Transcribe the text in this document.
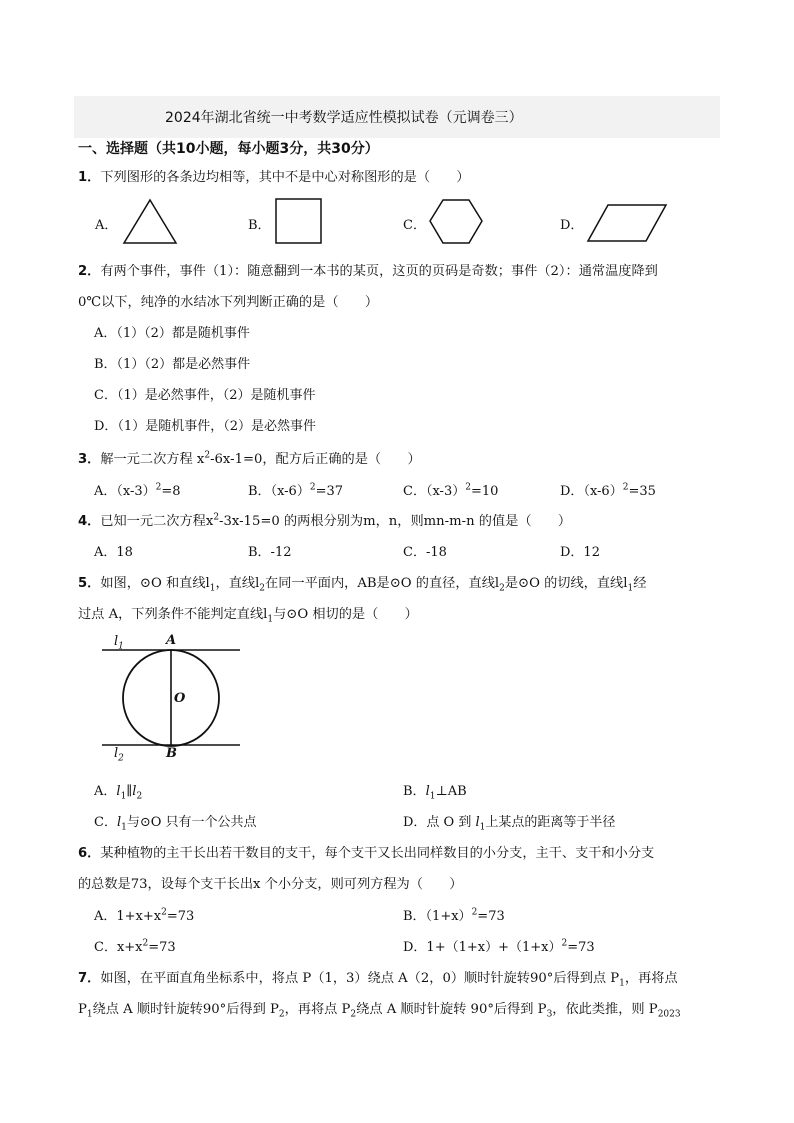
2024年湖北省统一中考数学适应性模拟试卷（元调卷三）
一、选择题（共10小题，每小题3分，共30分）
1．下列图形的各条边均相等，其中不是中心对称图形的是（　　）
A．	B．	C．	D．
2．有两个事件，事件（1）：随意翻到一本书的某页，这页的页码是奇数；事件（2）：通常温度降到
0℃以下，纯净的水结冰下列判断正确的是（　　）
A．（1）（2）都是随机事件
B．（1）（2）都是必然事件
C．（1）是必然事件，（2）是随机事件
D．（1）是随机事件，（2）是必然事件
3．解一元二次方程 $x^2-6x-1=0$，配方后正确的是（　　）
A．$(x-3)^2=8$	B．$(x-6)^2=37$	C．$(x-3)^2=10$	D．$(x-6)^2=35$
4．已知一元二次方程$x^2-3x-15=0$ 的两根分别为m，n，则mn-m-n 的值是（　　）
A．18	B．-12	C．-18	D．12
5．如图，⊙O 和直线$l_1$，直线$l_2$在同一平面内，AB是⊙O 的直径，直线$l_2$是⊙O 的切线，直线$l_1$经
过点 A，下列条件不能判定直线$l_1$与⊙O 相切的是（　　）
$l_1$	A
O
$l_2$	B
A．$l_1\parallel l_2$	B．$l_1\perp AB$
C．$l_1$与⊙O 只有一个公共点	D．点 O 到 $l_1$上某点的距离等于半径
6．某种植物的主干长出若干数目的支干，每个支干又长出同样数目的小分支，主干、支干和小分支
的总数是73，设每个支干长出x 个小分支，则可列方程为（　　）
A．$1+x+x^2=73$	B．$(1+x)^2=73$
C．$x+x^2=73$	D．$1+(1+x)+(1+x)^2=73$
7．如图，在平面直角坐标系中，将点 P（1，3）绕点 A（2，0）顺时针旋转90°后得到点 $P_1$，再将点
$P_1$绕点 A 顺时针旋转90°后得到 $P_2$，再将点 $P_2$绕点 A 顺时针旋转 90°后得到 $P_3$，依此类推，则 $P_{2023}$
